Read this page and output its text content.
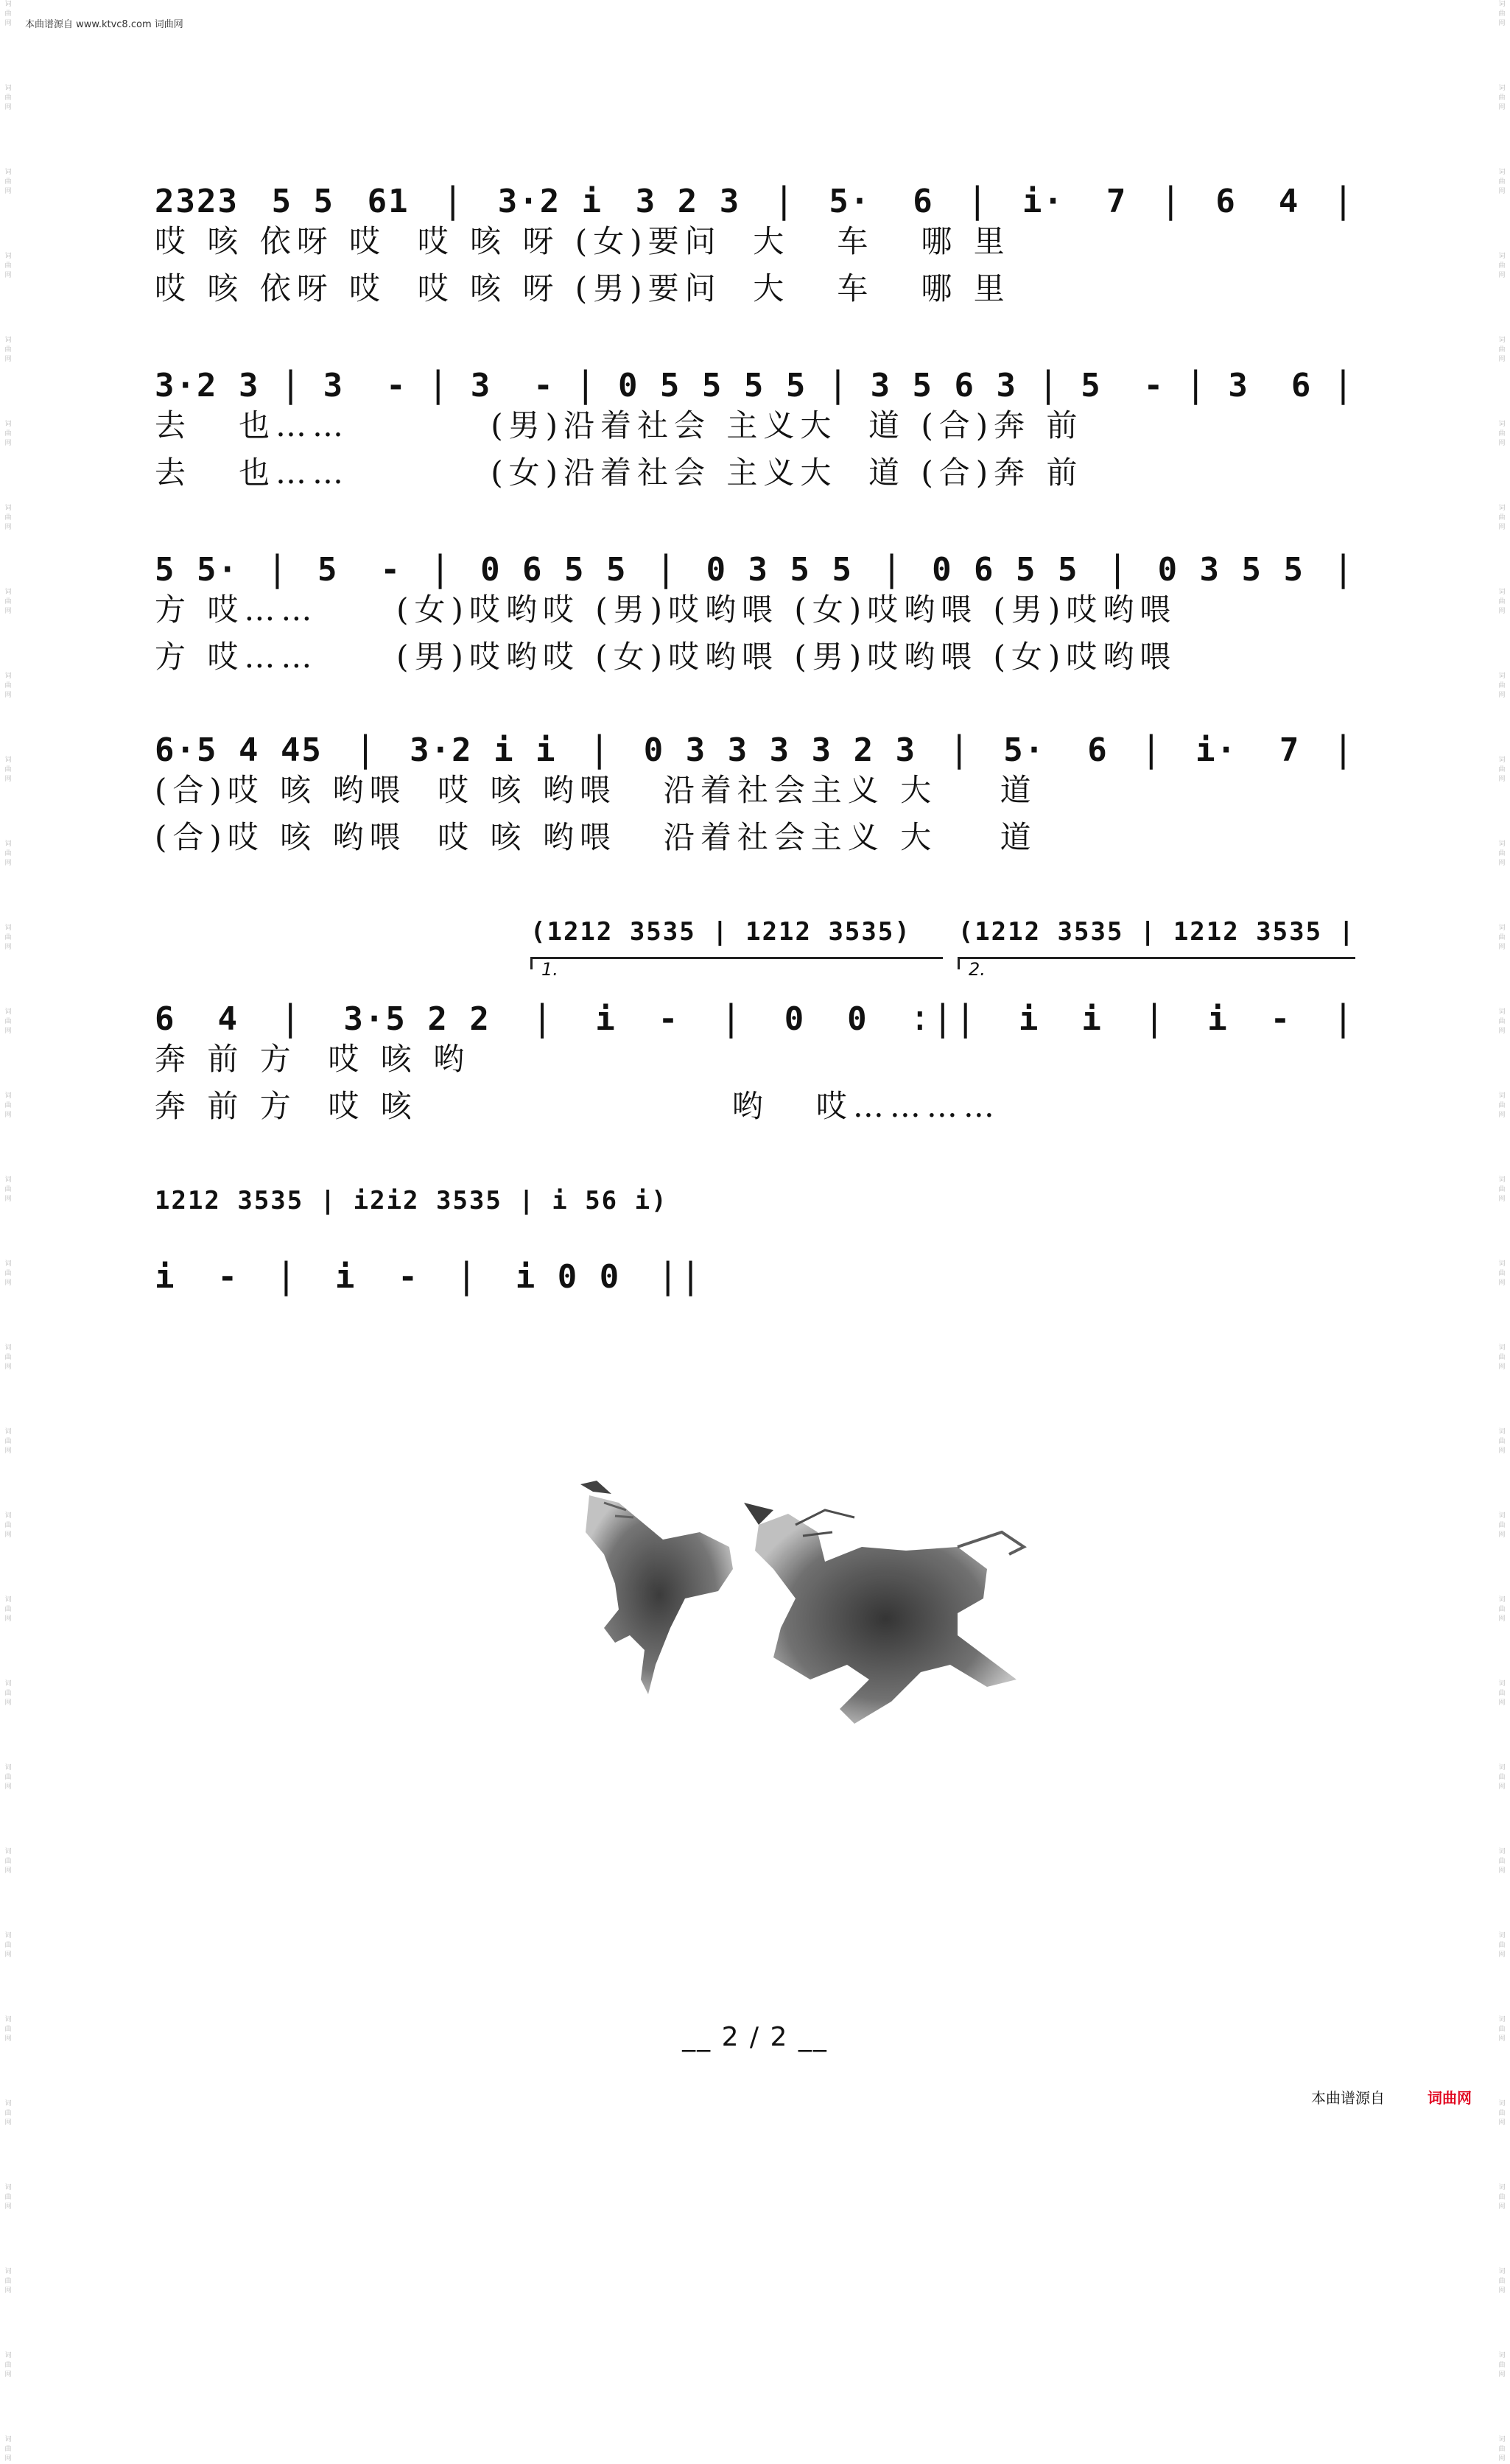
本曲谱源自 www.ktvc8.com 词曲网
词曲网
词曲网
词曲网
词曲网
词曲网
词曲网
词曲网
词曲网
词曲网
词曲网
词曲网
词曲网
词曲网
词曲网
词曲网
词曲网
词曲网
词曲网
词曲网
词曲网
词曲网
词曲网
词曲网
词曲网
词曲网
词曲网
词曲网
词曲网
词曲网
词曲网
词曲网
词曲网
词曲网
词曲网
词曲网
词曲网
词曲网
词曲网
词曲网
词曲网
词曲网
词曲网
词曲网
词曲网
词曲网
词曲网
词曲网
词曲网
词曲网
词曲网
词曲网
词曲网
词曲网
词曲网
词曲网
词曲网
词曲网
词曲网
词曲网
词曲网
2323 5 5 61 | 3·2 i 3 2 3 | 5·  6 | i·  7 | 6  4 |
哎 咳 依呀 哎  哎 咳 呀 (女)要问  大   车   哪 里
哎 咳 依呀 哎  哎 咳 呀 (男)要问  大   车   哪 里
3·2 3 | 3  - | 3  - | 0 5 5 5 5 | 3 5 6 3 | 5  - | 3  6 |
去   也……         (男)沿着社会 主义大  道 (合)奔 前
去   也……         (女)沿着社会 主义大  道 (合)奔 前
5 5· | 5  - | 0 6 5 5 | 0 3 5 5 | 0 6 5 5 | 0 3 5 5 |
方 哎……     (女)哎哟哎 (男)哎哟喂 (女)哎哟喂 (男)哎哟喂
方 哎……     (男)哎哟哎 (女)哎哟喂 (男)哎哟喂 (女)哎哟喂
6·5 4 45 | 3·2 i i | 0 3 3 3 3 2 3 | 5·  6 | i·  7 |
(合)哎 咳 哟喂  哎 咳 哟喂   沿着社会主义 大    道
(合)哎 咳 哟喂  哎 咳 哟喂   沿着社会主义 大    道
(1212 3535 | 1212 3535) (1212 3535 | 1212 3535 |
1.	2.
6  4 | 3·5 2 2 | i  - | 0  0 :|| i  i | i  - |
奔 前 方  哎 咳 哟
奔 前 方  哎 咳                    哟   哎…………
1212 3535 | i2i2 3535 | i 56 i)
i  - | i  - | i 0 0 ||
__ 2 / 2 __
本曲谱源自	词曲网
